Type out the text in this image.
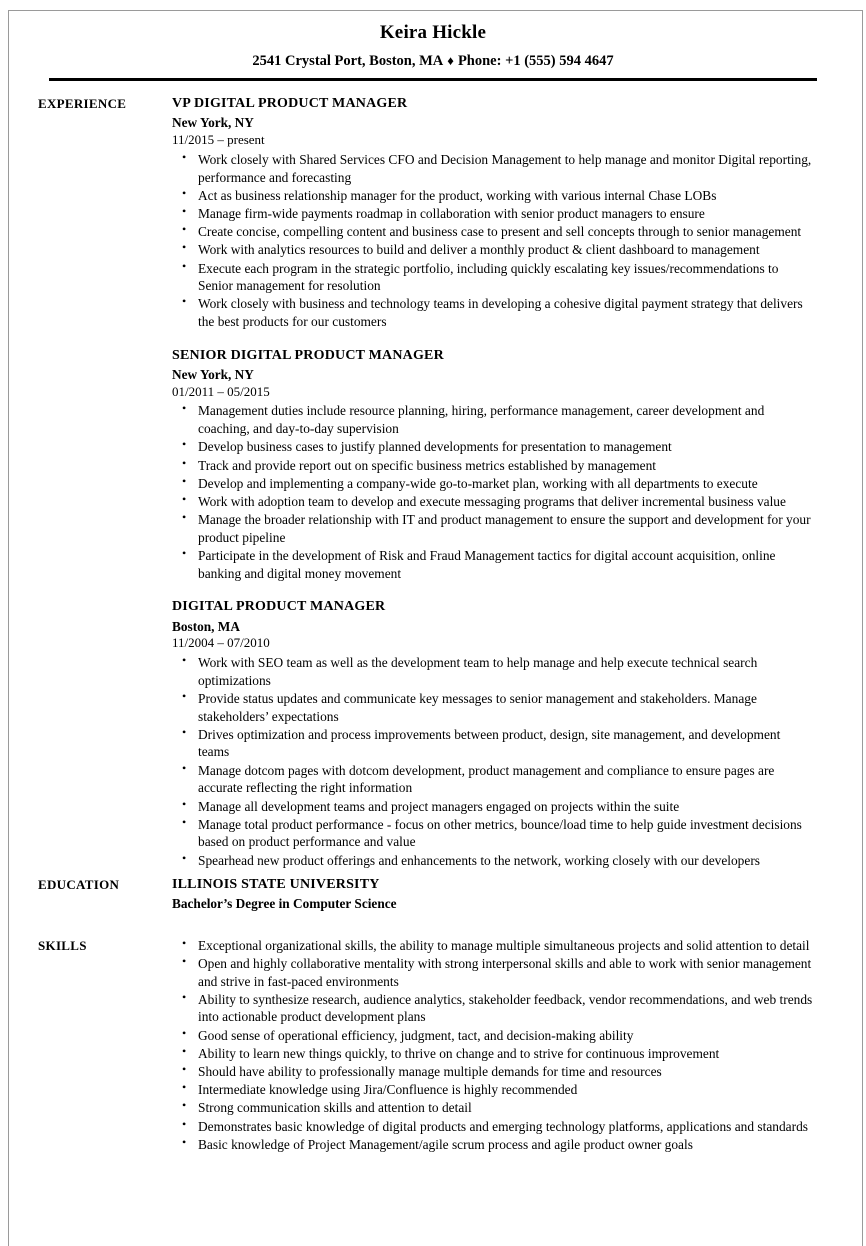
Keira Hickle
2541 Crystal Port, Boston, MA ♦ Phone: +1 (555) 594 4647
EXPERIENCE	VP DIGITAL PRODUCT MANAGER
New York, NY
11/2015 – present
• Work closely with Shared Services CFO and Decision Management to help manage and monitor Digital reporting, performance and forecasting
• Act as business relationship manager for the product, working with various internal Chase LOBs
• Manage firm-wide payments roadmap in collaboration with senior product managers to ensure
• Create concise, compelling content and business case to present and sell concepts through to senior management
• Work with analytics resources to build and deliver a monthly product & client dashboard to management
• Execute each program in the strategic portfolio, including quickly escalating key issues/recommendations to Senior management for resolution
• Work closely with business and technology teams in developing a cohesive digital payment strategy that delivers the best products for our customers
SENIOR DIGITAL PRODUCT MANAGER
New York, NY
01/2011 – 05/2015
• Management duties include resource planning, hiring, performance management, career development and coaching, and day-to-day supervision
• Develop business cases to justify planned developments for presentation to management
• Track and provide report out on specific business metrics established by management
• Develop and implementing a company-wide go-to-market plan, working with all departments to execute
• Work with adoption team to develop and execute messaging programs that deliver incremental business value
• Manage the broader relationship with IT and product management to ensure the support and development for your product pipeline
• Participate in the development of Risk and Fraud Management tactics for digital account acquisition, online banking and digital money movement
DIGITAL PRODUCT MANAGER
Boston, MA
11/2004 – 07/2010
• Work with SEO team as well as the development team to help manage and help execute technical search optimizations
• Provide status updates and communicate key messages to senior management and stakeholders. Manage stakeholders’ expectations
• Drives optimization and process improvements between product, design, site management, and development teams
• Manage dotcom pages with dotcom development, product management and compliance to ensure pages are accurate reflecting the right information
• Manage all development teams and project managers engaged on projects within the suite
• Manage total product performance - focus on other metrics, bounce/load time to help guide investment decisions based on product performance and value
• Spearhead new product offerings and enhancements to the network, working closely with our developers
EDUCATION	ILLINOIS STATE UNIVERSITY
Bachelor’s Degree in Computer Science
SKILLS	• Exceptional organizational skills, the ability to manage multiple simultaneous projects and solid attention to detail
• Open and highly collaborative mentality with strong interpersonal skills and able to work with senior management and strive in fast-paced environments
• Ability to synthesize research, audience analytics, stakeholder feedback, vendor recommendations, and web trends into actionable product development plans
• Good sense of operational efficiency, judgment, tact, and decision-making ability
• Ability to learn new things quickly, to thrive on change and to strive for continuous improvement
• Should have ability to professionally manage multiple demands for time and resources
• Intermediate knowledge using Jira/Confluence is highly recommended
• Strong communication skills and attention to detail
• Demonstrates basic knowledge of digital products and emerging technology platforms, applications and standards
• Basic knowledge of Project Management/agile scrum process and agile product owner goals
